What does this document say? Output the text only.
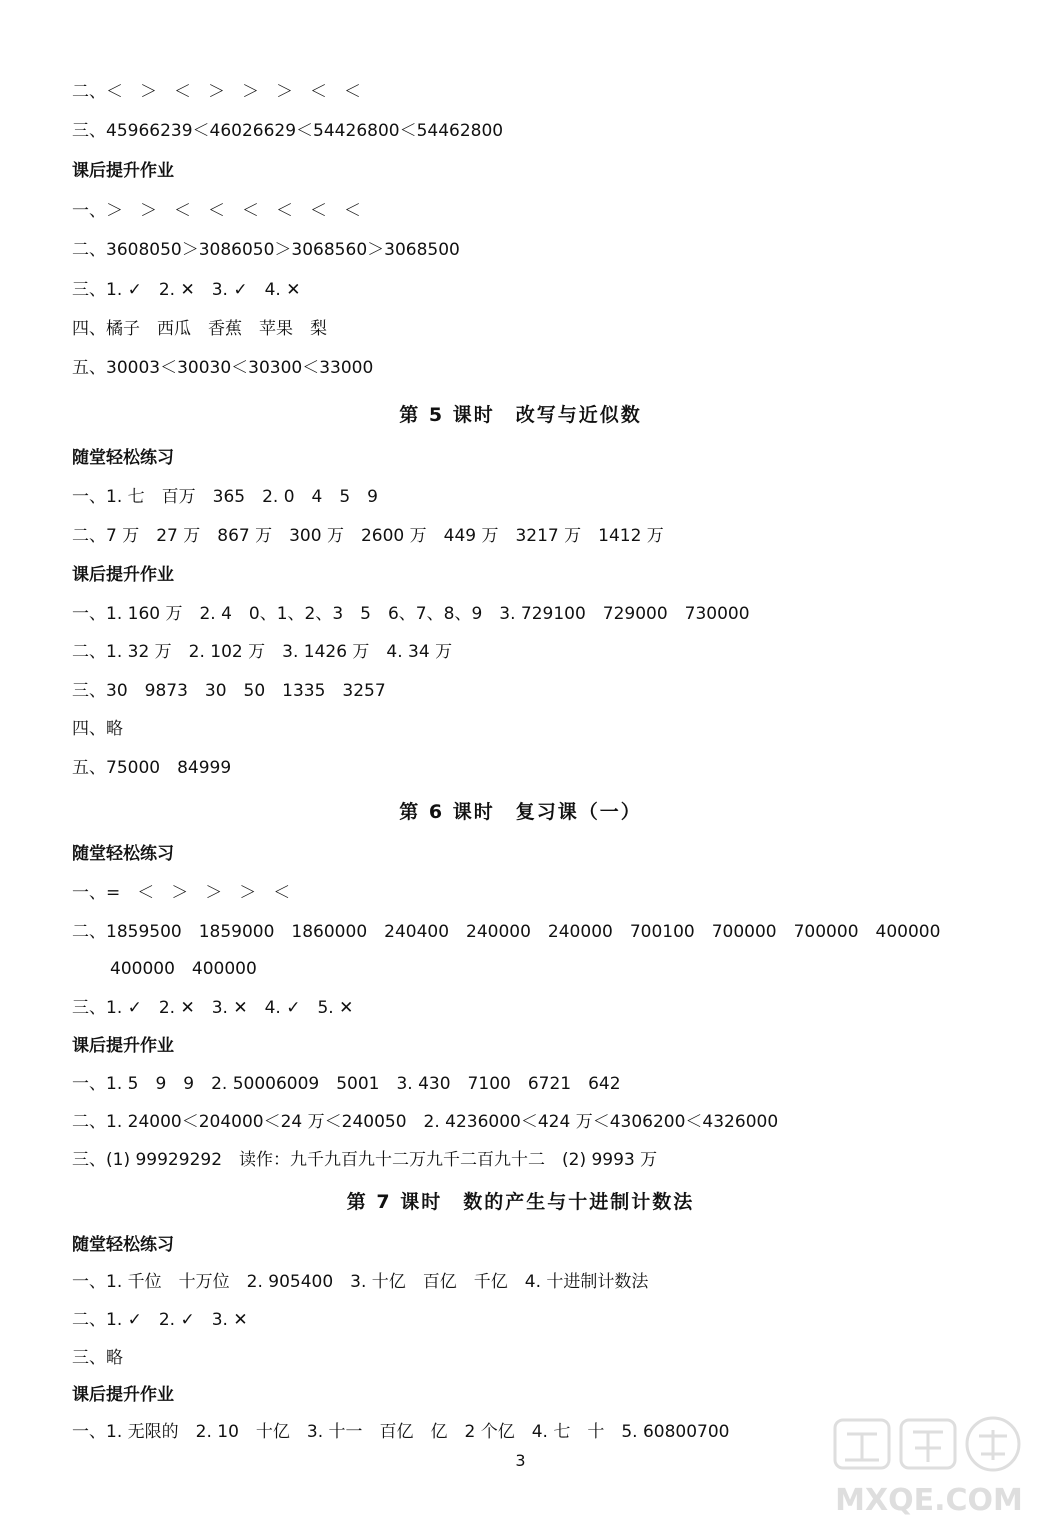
二、＜　＞　＜　＞　＞　＞　＜　＜
三、45966239＜46026629＜54426800＜54462800
课后提升作业
一、＞　＞　＜　＜　＜　＜　＜　＜
二、3608050＞3086050＞3068560＞3068500
三、1. ✓　2. ✕　3. ✓　4. ✕
四、橘子　西瓜　香蕉　苹果　梨
五、30003＜30030＜30300＜33000
第 5 课时　改写与近似数
随堂轻松练习
一、1. 七　百万　365　2. 0　4　5　9
二、7 万　27 万　867 万　300 万　2600 万　449 万　3217 万　1412 万
课后提升作业
一、1. 160 万　2. 4　0、1、2、3　5　6、7、8、9　3. 729100　729000　730000
二、1. 32 万　2. 102 万　3. 1426 万　4. 34 万
三、30　9873　30　50　1335　3257
四、略
五、75000　84999
第 6 课时　复习课（一）
随堂轻松练习
一、=　＜　＞　＞　＞　＜
二、1859500　1859000　1860000　240400　240000　240000　700100　700000　700000　400000
400000　400000
三、1. ✓　2. ✕　3. ✕　4. ✓　5. ✕
课后提升作业
一、1. 5　9　9　2. 50006009　5001　3. 430　7100　6721　642
二、1. 24000＜204000＜24 万＜240050　2. 4236000＜424 万＜4306200＜4326000
三、(1) 99929292　读作：九千九百九十二万九千二百九十二　(2) 9993 万
第 7 课时　数的产生与十进制计数法
随堂轻松练习
一、1. 千位　十万位　2. 905400　3. 十亿　百亿　千亿　4. 十进制计数法
二、1. ✓　2. ✓　3. ✕
三、略
课后提升作业
一、1. 无限的　2. 10　十亿　3. 十一　百亿　亿　2 个亿　4. 七　十　5. 60800700
3
MXQE.COM
